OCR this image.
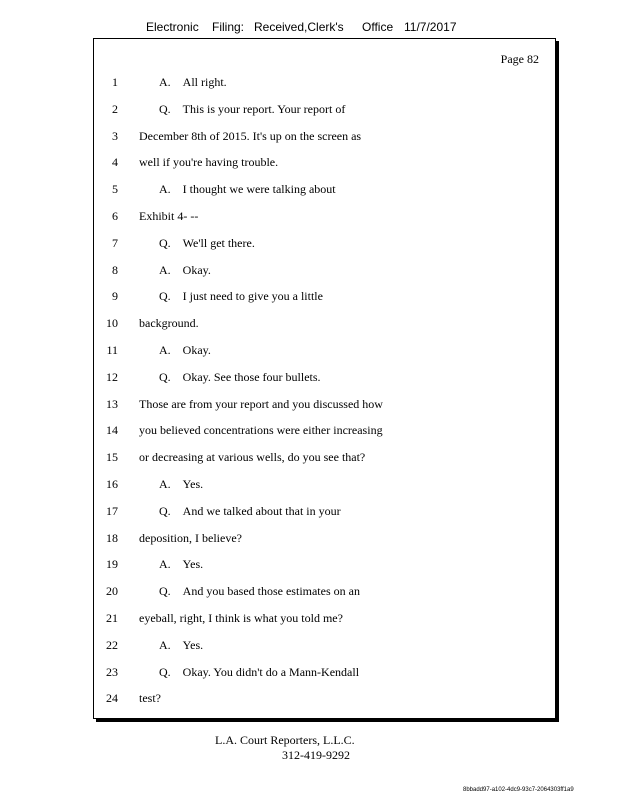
Electronic Filing: Received,Clerk's Office 11/7/2017
Page 82
1	A. All right.
2	Q. This is your report. Your report of
3 December 8th of 2015. It's up on the screen as
4 well if you're having trouble.
5	A. I thought we were talking about
6 Exhibit 4- --
7	Q. We'll get there.
8	A. Okay.
9	Q. I just need to give you a little
10 background.
11	A. Okay.
12	Q. Okay. See those four bullets.
13 Those are from your report and you discussed how
14 you believed concentrations were either increasing
15 or decreasing at various wells, do you see that?
16	A. Yes.
17	Q. And we talked about that in your
18 deposition, I believe?
19	A. Yes.
20	Q. And you based those estimates on an
21 eyeball, right, I think is what you told me?
22	A. Yes.
23	Q. Okay. You didn't do a Mann-Kendall
24 test?
L.A. Court Reporters, L.L.C.
312-419-9292
8bbadd97-a102-4dc9-93c7-2064303ff1a9
